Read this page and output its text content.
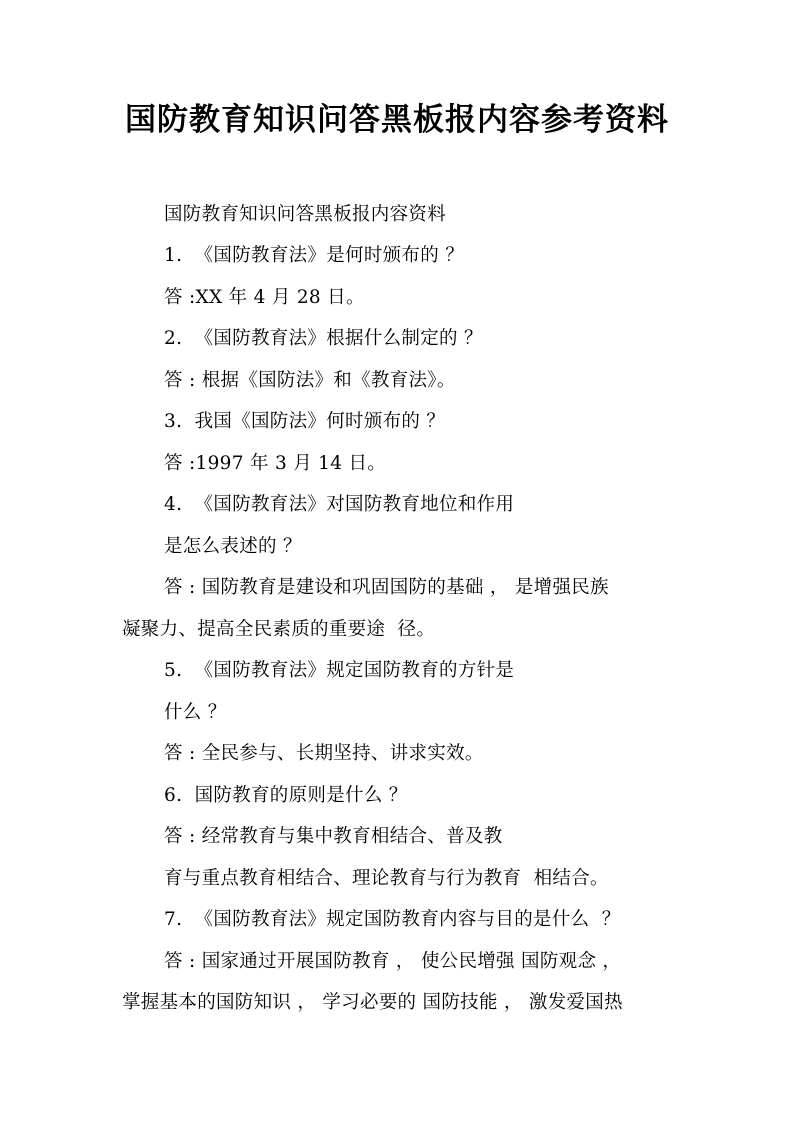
国防教育知识问答黑板报内容参考资料
国防教育知识问答黑板报内容资料
1.  《国防教育法》是何时颁布的 ？
答 :XX 年 4 月 28 日。
2.  《国防教育法》根据什么制定的 ？
答 : 根据《国防法》和《教育法》。
3.  我国《国防法》何时颁布的 ？
答 :1997 年 3 月 14 日。
4.  《国防教育法》对国防教育地位和作用
是怎么表述的 ？
答 : 国防教育是建设和巩固国防的基础 ， 是增强民族
凝聚力、提高全民素质的重要途  径。
5.  《国防教育法》规定国防教育的方针是
什么 ？
答 : 全民参与、长期坚持、讲求实效。
6.  国防教育的原则是什么 ？
答 : 经常教育与集中教育相结合、普及教
育与重点教育相结合、理论教育与行为教育  相结合。
7.  《国防教育法》规定国防教育内容与目的是什么  ？
答 : 国家通过开展国防教育 ， 使公民增强 国防观念 ，
掌握基本的国防知识 ， 学习必要的 国防技能 ， 激发爱国热
